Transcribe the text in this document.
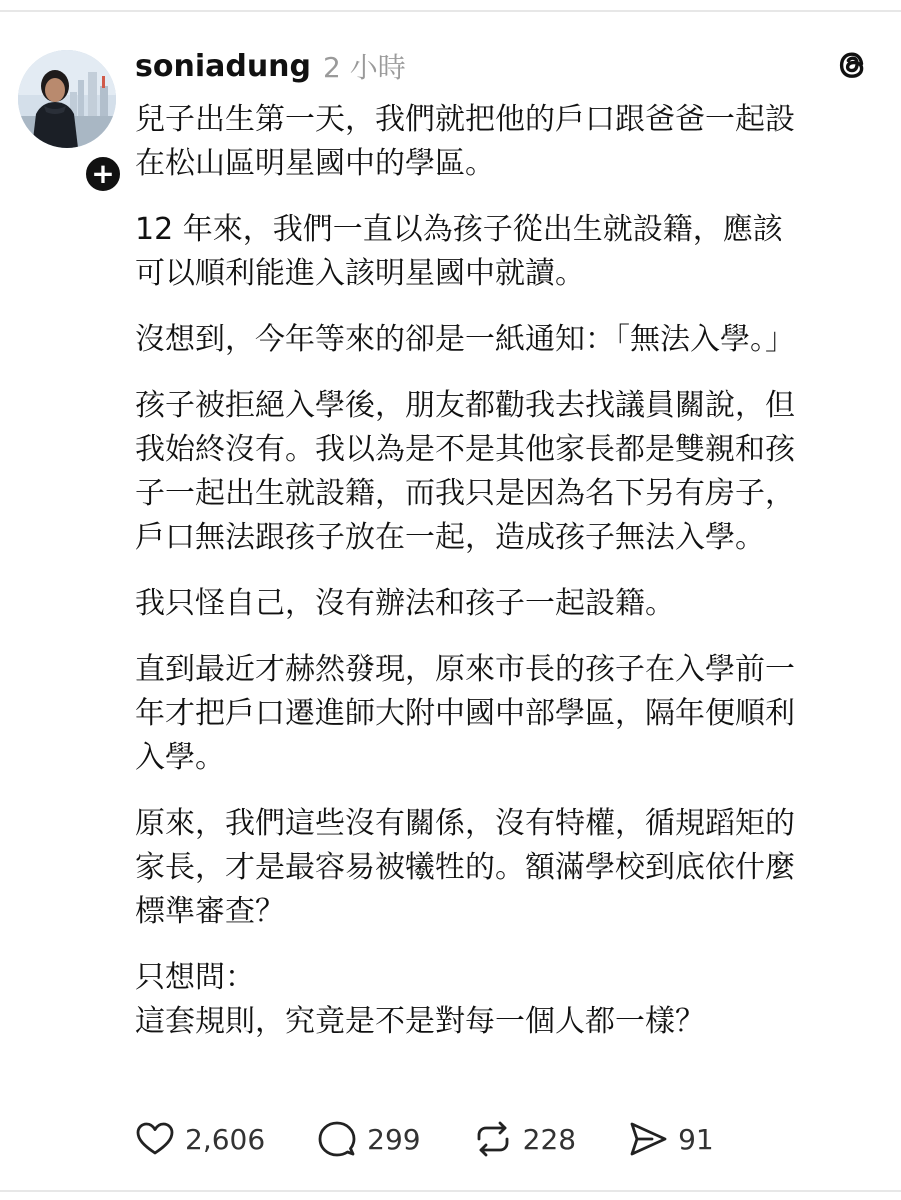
+
soniadung 2 小時

兒子出生第一天，我們就把他的戶口跟爸爸一起設
在松山區明星國中的學區。

12 年來，我們一直以為孩子從出生就設籍，應該
可以順利能進入該明星國中就讀。

沒想到，今年等來的卻是一紙通知：「無法入學。」

孩子被拒絕入學後，朋友都勸我去找議員關說，但
我始終沒有。我以為是不是其他家長都是雙親和孩
子一起出生就設籍，而我只是因為名下另有房子，
戶口無法跟孩子放在一起，造成孩子無法入學。

我只怪自己，沒有辦法和孩子一起設籍。

直到最近才赫然發現，原來市長的孩子在入學前一
年才把戶口遷進師大附中國中部學區，隔年便順利
入學。

原來，我們這些沒有關係，沒有特權，循規蹈矩的
家長，才是最容易被犧牲的。額滿學校到底依什麼
標準審查？

只想問：
這套規則，究竟是不是對每一個人都一樣？

2,606	299	228	91
